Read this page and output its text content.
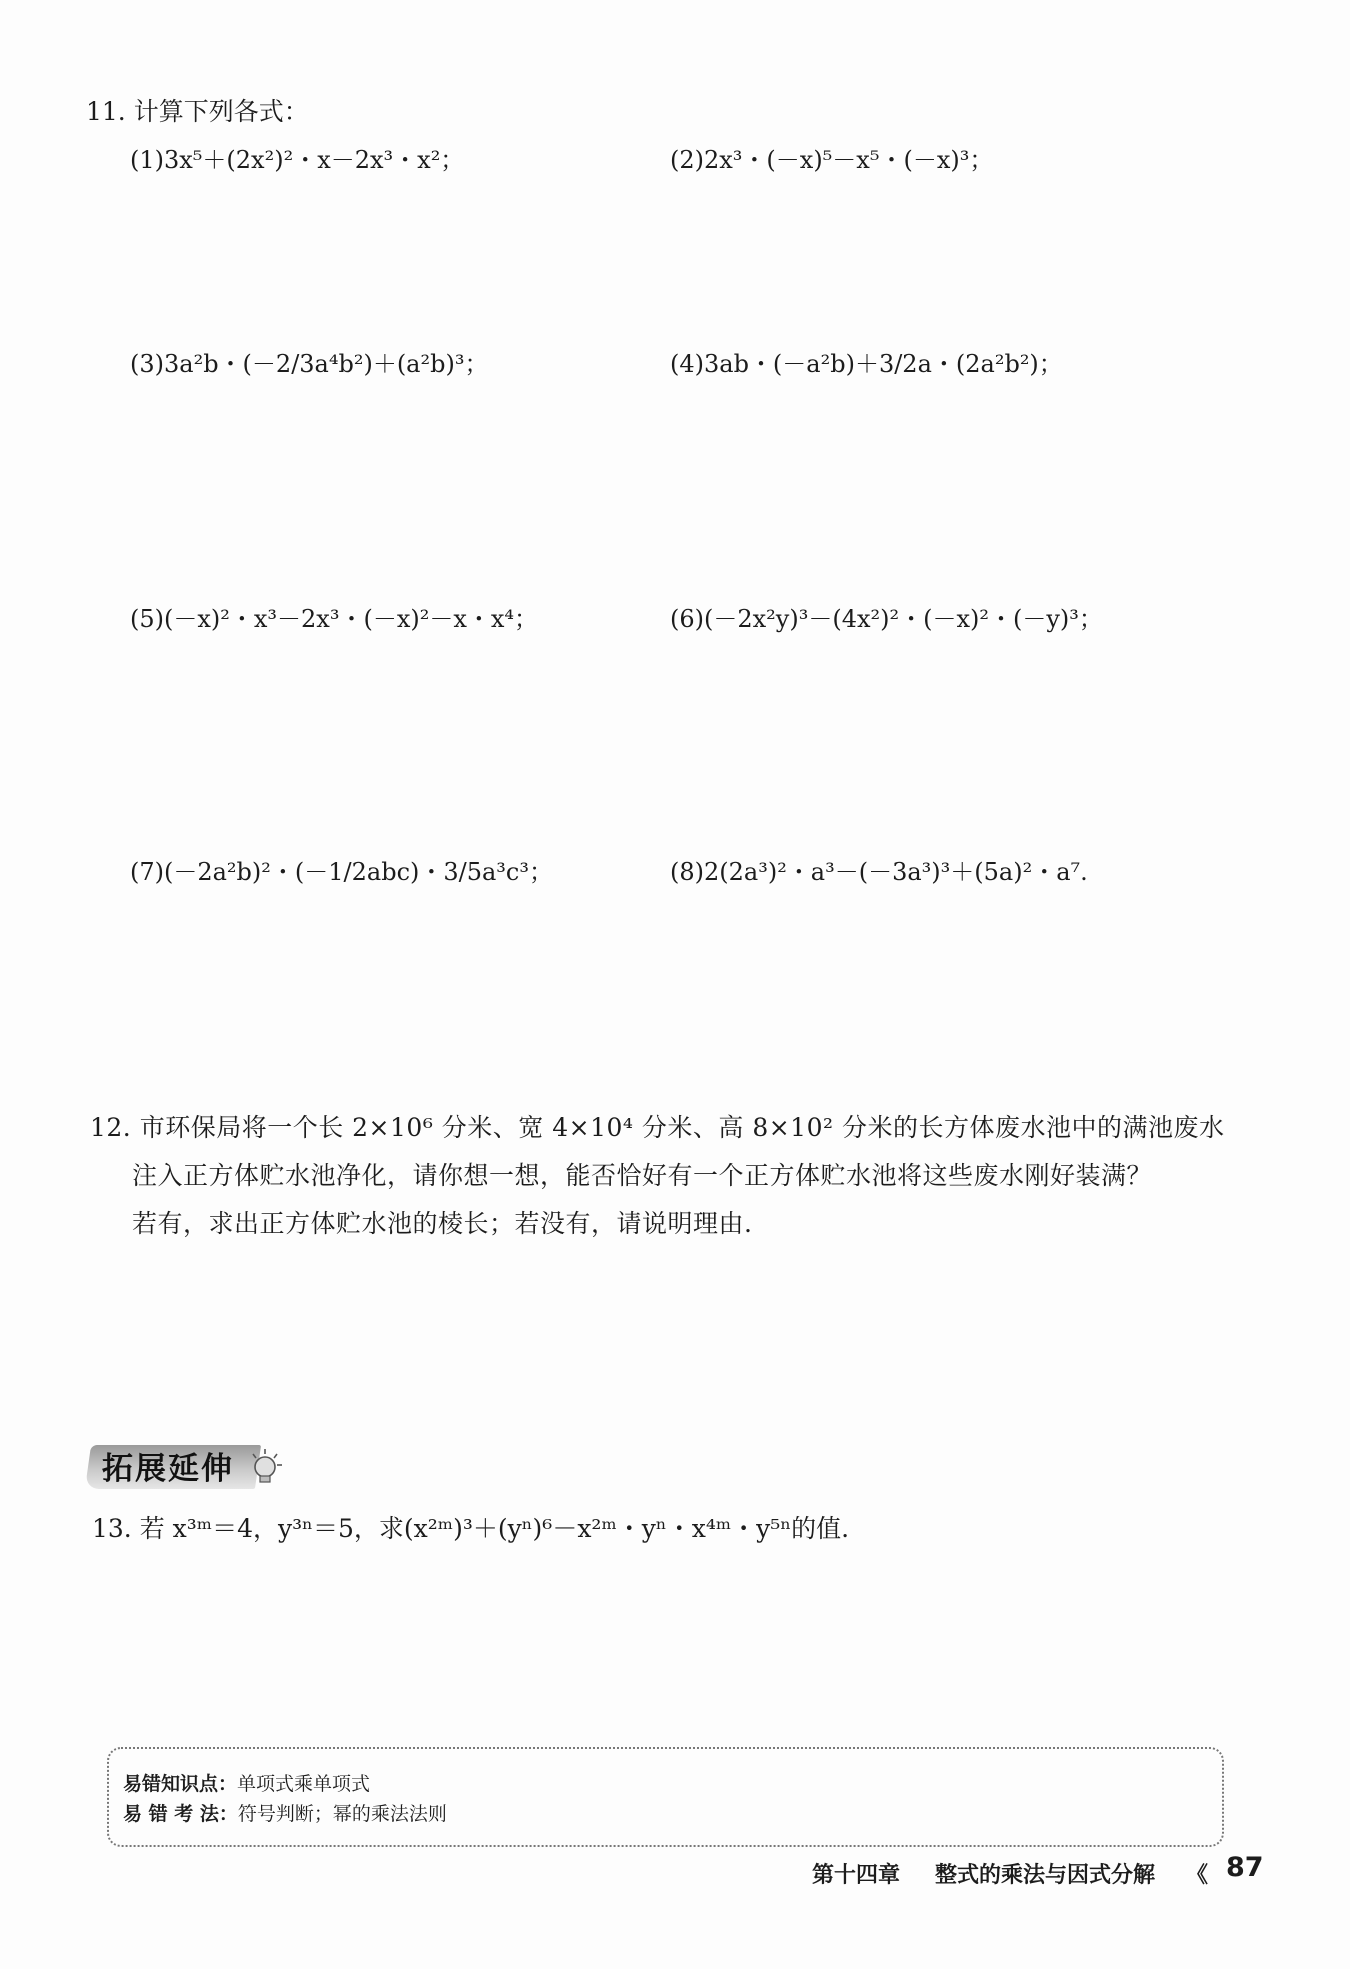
11. 计算下列各式：
(1)3x⁵＋(2x²)²・x－2x³・x²；	(2)2x³・(－x)⁵－x⁵・(－x)³；
(3)3a²b・(－2/3a⁴b²)＋(a²b)³；	(4)3ab・(－a²b)＋3/2a・(2a²b²)；
(5)(－x)²・x³－2x³・(－x)²－x・x⁴；	(6)(－2x²y)³－(4x²)²・(－x)²・(－y)³；
(7)(－2a²b)²・(－1/2abc)・3/5a³c³；	(8)2(2a³)²・a³－(－3a³)³＋(5a)²・a⁷.
12. 市环保局将一个长 2×10⁶ 分米、宽 4×10⁴ 分米、高 8×10² 分米的长方体废水池中的满池废水
注入正方体贮水池净化，请你想一想，能否恰好有一个正方体贮水池将这些废水刚好装满？
若有，求出正方体贮水池的棱长；若没有，请说明理由.
拓展延伸
13. 若 x³ᵐ＝4，y³ⁿ＝5，求(x²ᵐ)³＋(yⁿ)⁶－x²ᵐ・yⁿ・x⁴ᵐ・y⁵ⁿ的值.
易错知识点：单项式乘单项式
易 错 考 法：符号判断；幂的乘法法则
第十四章 整式的乘法与因式分解 《 87
